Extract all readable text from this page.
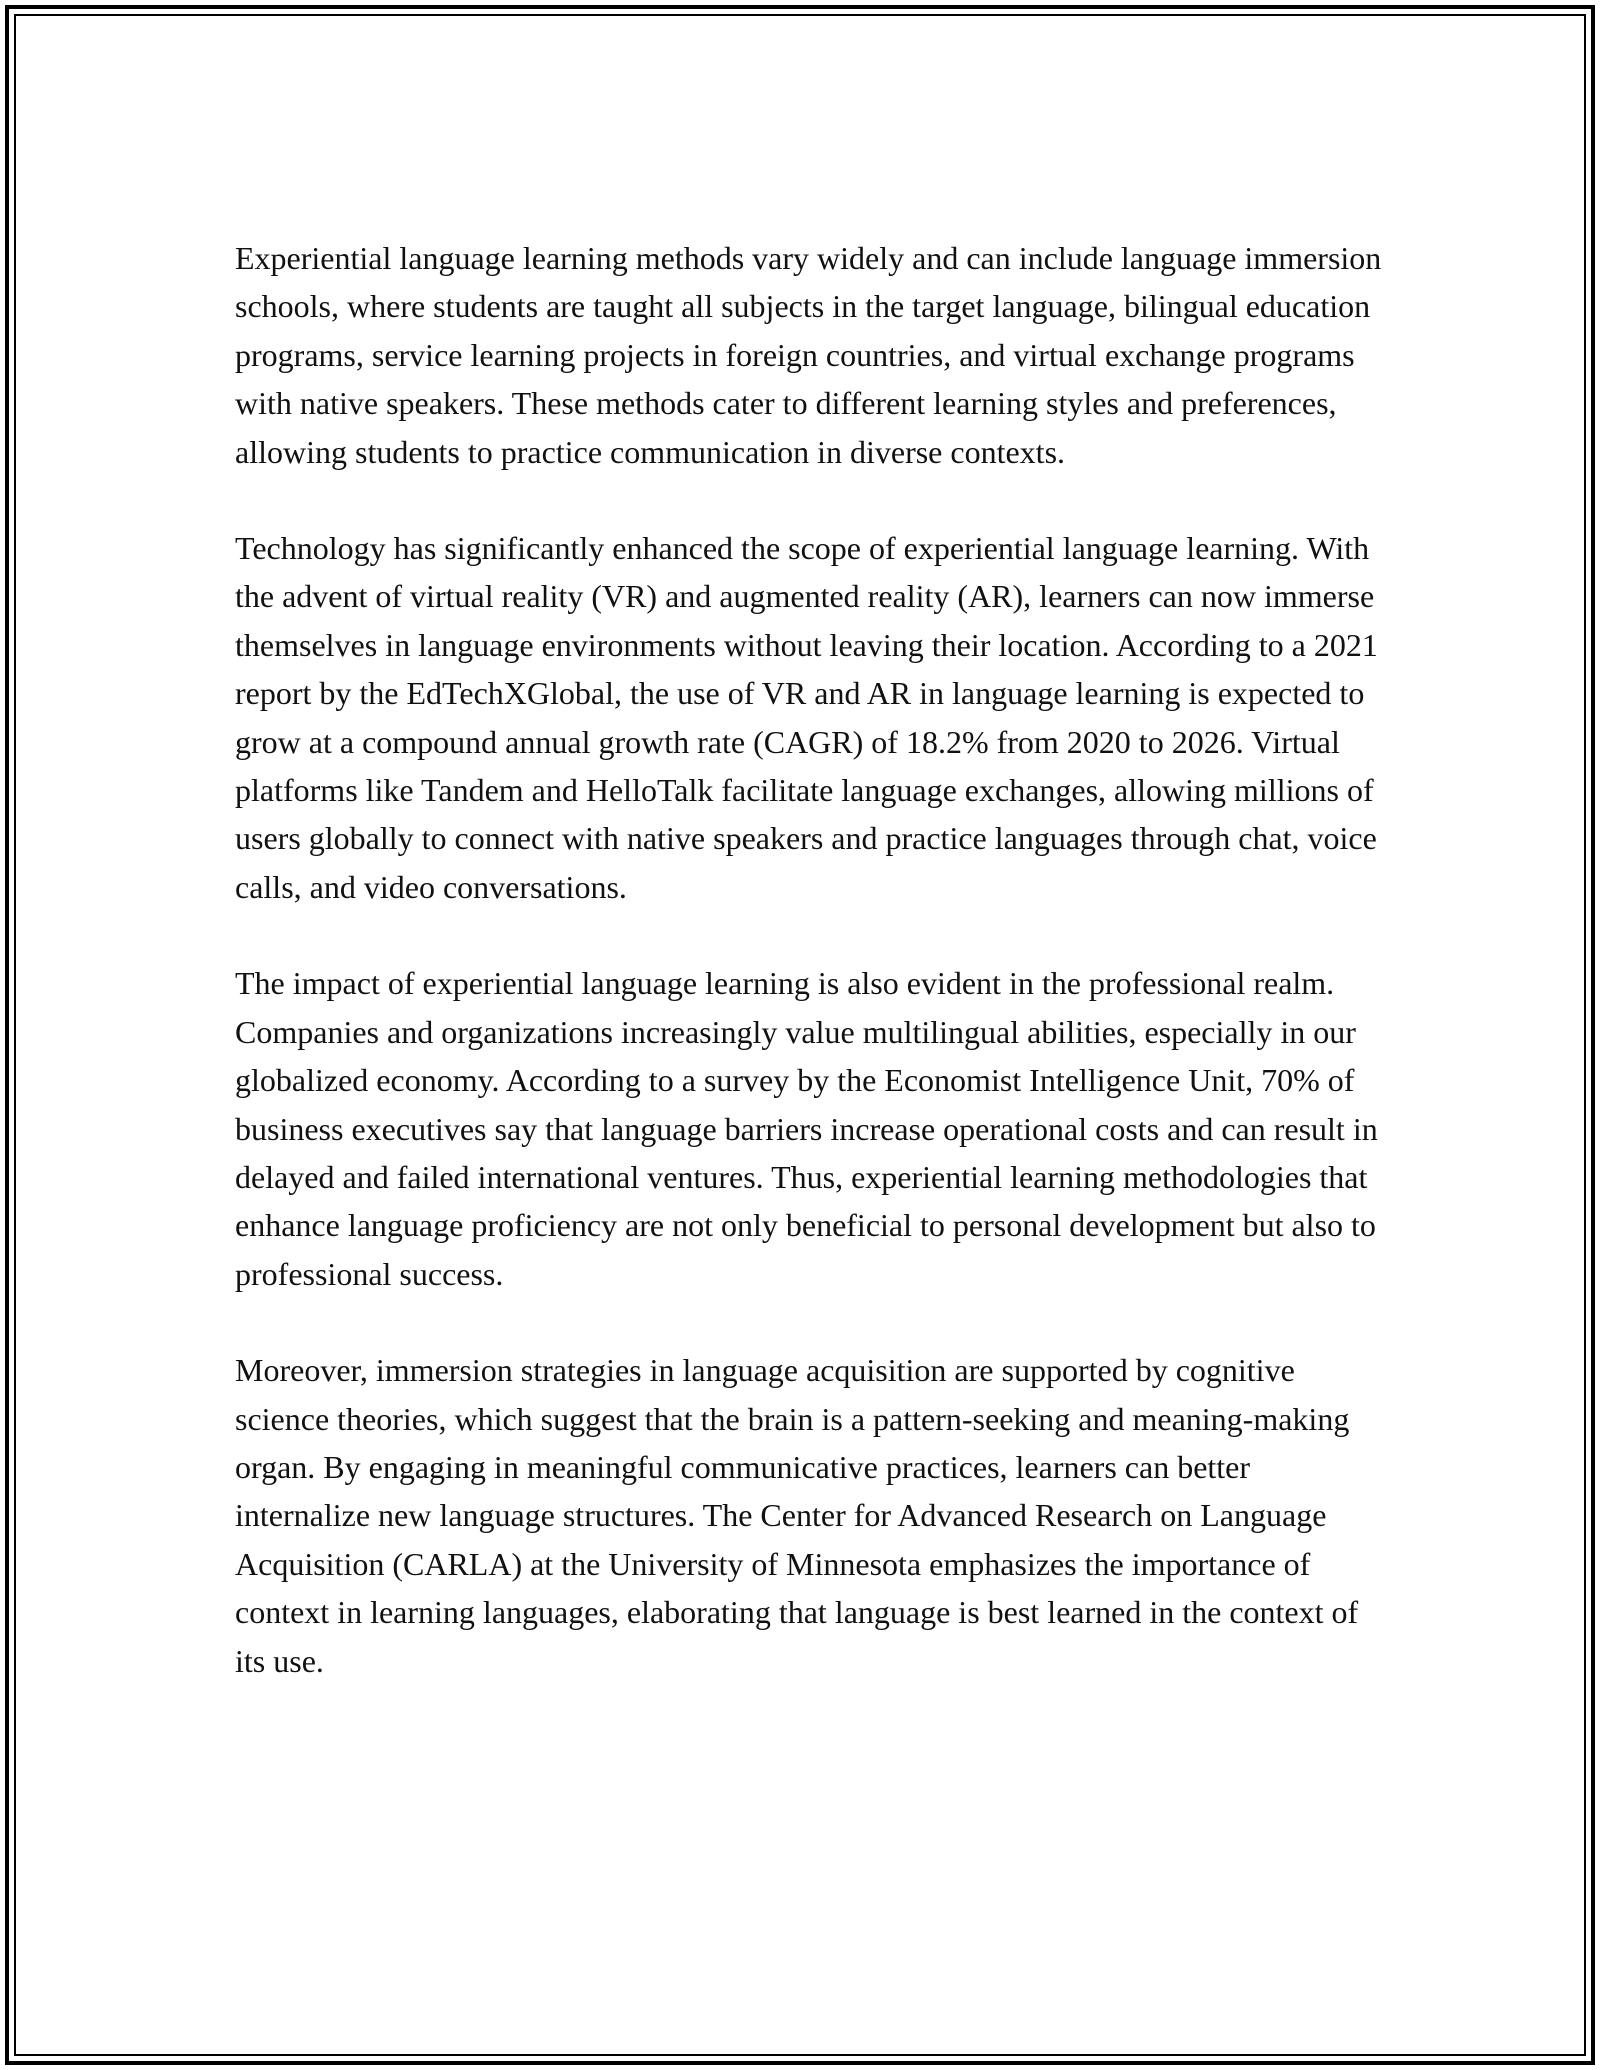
Experiential language learning methods vary widely and can include language immersion schools, where students are taught all subjects in the target language, bilingual education programs, service learning projects in foreign countries, and virtual exchange programs with native speakers. These methods cater to different learning styles and preferences, allowing students to practice communication in diverse contexts.

Technology has significantly enhanced the scope of experiential language learning. With the advent of virtual reality (VR) and augmented reality (AR), learners can now immerse themselves in language environments without leaving their location. According to a 2021 report by the EdTechXGlobal, the use of VR and AR in language learning is expected to grow at a compound annual growth rate (CAGR) of 18.2% from 2020 to 2026. Virtual platforms like Tandem and HelloTalk facilitate language exchanges, allowing millions of users globally to connect with native speakers and practice languages through chat, voice calls, and video conversations.

The impact of experiential language learning is also evident in the professional realm. Companies and organizations increasingly value multilingual abilities, especially in our globalized economy. According to a survey by the Economist Intelligence Unit, 70% of business executives say that language barriers increase operational costs and can result in delayed and failed international ventures. Thus, experiential learning methodologies that enhance language proficiency are not only beneficial to personal development but also to professional success.

Moreover, immersion strategies in language acquisition are supported by cognitive science theories, which suggest that the brain is a pattern-seeking and meaning-making organ. By engaging in meaningful communicative practices, learners can better internalize new language structures. The Center for Advanced Research on Language Acquisition (CARLA) at the University of Minnesota emphasizes the importance of context in learning languages, elaborating that language is best learned in the context of its use.
